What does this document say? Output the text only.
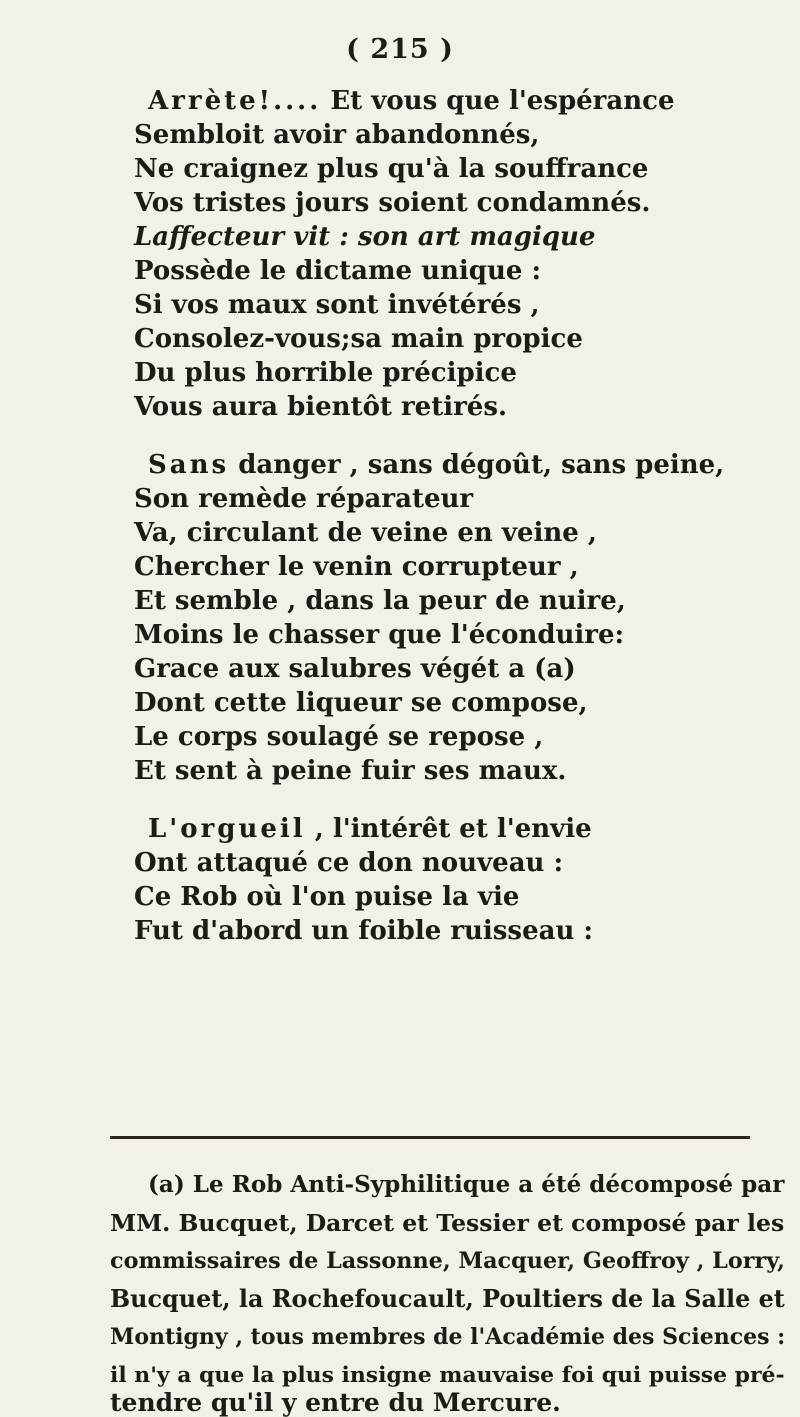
( 215 )
Arrète!.... Et vous que l'espérance
Sembloit avoir abandonnés,
Ne craignez plus qu'à la souffrance
Vos tristes jours soient condamnés.
Laffecteur vit : son art magique
Possède le dictame unique :
Si vos maux sont invétérés ,
Consolez-vous;sa main propice
Du plus horrible précipice
Vous aura bientôt retirés.
Sans danger , sans dégoût, sans peine,
Son remède réparateur
Va, circulant de veine en veine ,
Chercher le venin corrupteur ,
Et semble , dans la peur de nuire,
Moins le chasser que l'éconduire:
Grace aux salubres végét a (a)
Dont cette liqueur se compose,
Le corps soulagé se repose ,
Et sent à peine fuir ses maux.
L'orgueil , l'intérêt et l'envie
Ont attaqué ce don nouveau :
Ce Rob où l'on puise la vie
Fut d'abord un foible ruisseau :
(a) Le Rob Anti-Syphilitique a été décomposé par
MM. Bucquet, Darcet et Tessier et composé par les
commissaires de Lassonne, Macquer, Geoffroy , Lorry,
Bucquet, la Rochefoucault, Poultiers de la Salle et
Montigny , tous membres de l'Académie des Sciences :
il n'y a que la plus insigne mauvaise foi qui puisse pré-
tendre qu'il y entre du Mercure.
